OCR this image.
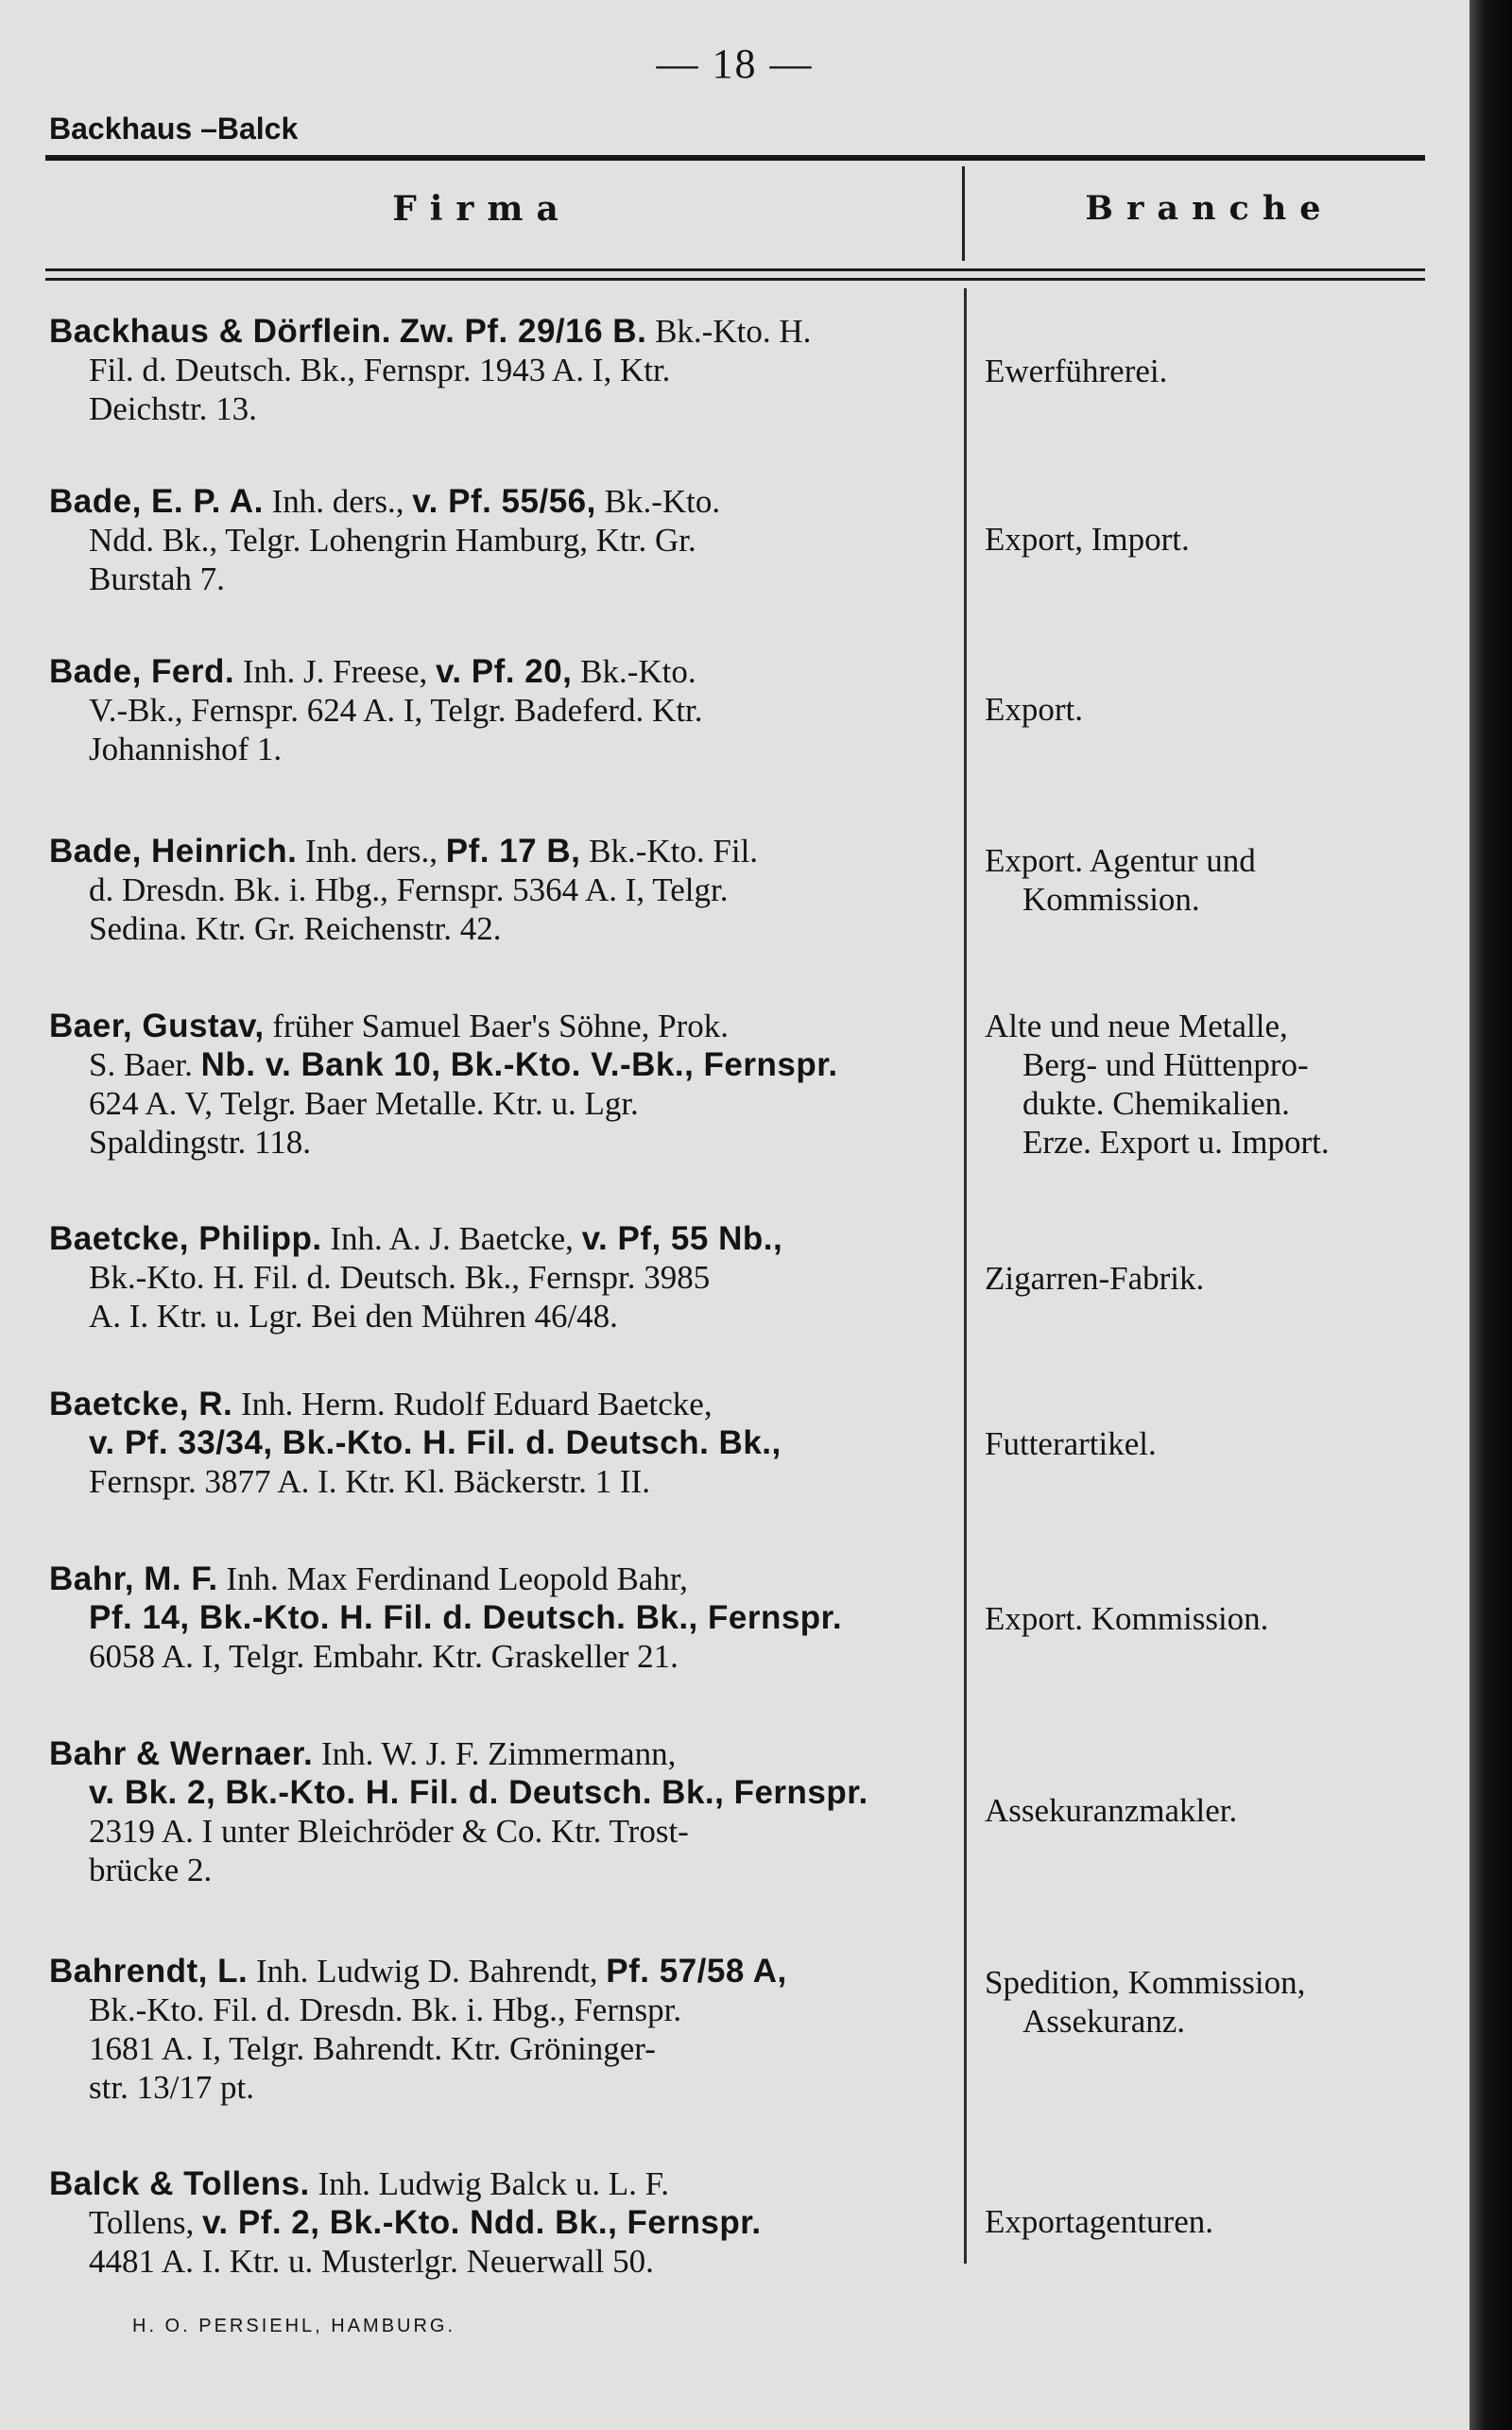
— 18 —
Backhaus –Balck
Firma	Branche
Backhaus & Dörflein. Zw. Pf. 29/16 B. Bk.-Kto. H.
Fil. d. Deutsch. Bk., Fernspr. 1943 A. I, Ktr.
Deichstr. 13.
Ewerführerei.
Bade, E. P. A. Inh. ders., v. Pf. 55/56, Bk.-Kto.
Ndd. Bk., Telgr. Lohengrin Hamburg, Ktr. Gr.
Burstah 7.
Export, Import.
Bade, Ferd. Inh. J. Freese, v. Pf. 20, Bk.-Kto.
V.-Bk., Fernspr. 624 A. I, Telgr. Badeferd. Ktr.
Johannishof 1.
Export.
Bade, Heinrich. Inh. ders., Pf. 17 B, Bk.-Kto. Fil.
d. Dresdn. Bk. i. Hbg., Fernspr. 5364 A. I, Telgr.
Sedina. Ktr. Gr. Reichenstr. 42.
Export. Agentur und
Kommission.
Baer, Gustav, früher Samuel Baer's Söhne, Prok.
S. Baer. Nb. v. Bank 10, Bk.-Kto. V.-Bk., Fernspr.
624 A. V, Telgr. Baer Metalle. Ktr. u. Lgr.
Spaldingstr. 118.
Alte und neue Metalle,
Berg- und Hüttenpro-
dukte. Chemikalien.
Erze. Export u. Import.
Baetcke, Philipp. Inh. A. J. Baetcke, v. Pf, 55 Nb.,
Bk.-Kto. H. Fil. d. Deutsch. Bk., Fernspr. 3985
A. I. Ktr. u. Lgr. Bei den Mühren 46/48.
Zigarren-Fabrik.
Baetcke, R. Inh. Herm. Rudolf Eduard Baetcke,
v. Pf. 33/34, Bk.-Kto. H. Fil. d. Deutsch. Bk.,
Fernspr. 3877 A. I. Ktr. Kl. Bäckerstr. 1 II.
Futterartikel.
Bahr, M. F. Inh. Max Ferdinand Leopold Bahr,
Pf. 14, Bk.-Kto. H. Fil. d. Deutsch. Bk., Fernspr.
6058 A. I, Telgr. Embahr. Ktr. Graskeller 21.
Export. Kommission.
Bahr & Wernaer. Inh. W. J. F. Zimmermann,
v. Bk. 2, Bk.-Kto. H. Fil. d. Deutsch. Bk., Fernspr.
2319 A. I unter Bleichröder & Co. Ktr. Trost-
brücke 2.
Assekuranzmakler.
Bahrendt, L. Inh. Ludwig D. Bahrendt, Pf. 57/58 A,
Bk.-Kto. Fil. d. Dresdn. Bk. i. Hbg., Fernspr.
1681 A. I, Telgr. Bahrendt. Ktr. Gröninger-
str. 13/17 pt.
Spedition, Kommission,
Assekuranz.
Balck & Tollens. Inh. Ludwig Balck u. L. F.
Tollens, v. Pf. 2, Bk.-Kto. Ndd. Bk., Fernspr.
4481 A. I. Ktr. u. Musterlgr. Neuerwall 50.
Exportagenturen.
H. O. PERSIEHL, HAMBURG.
